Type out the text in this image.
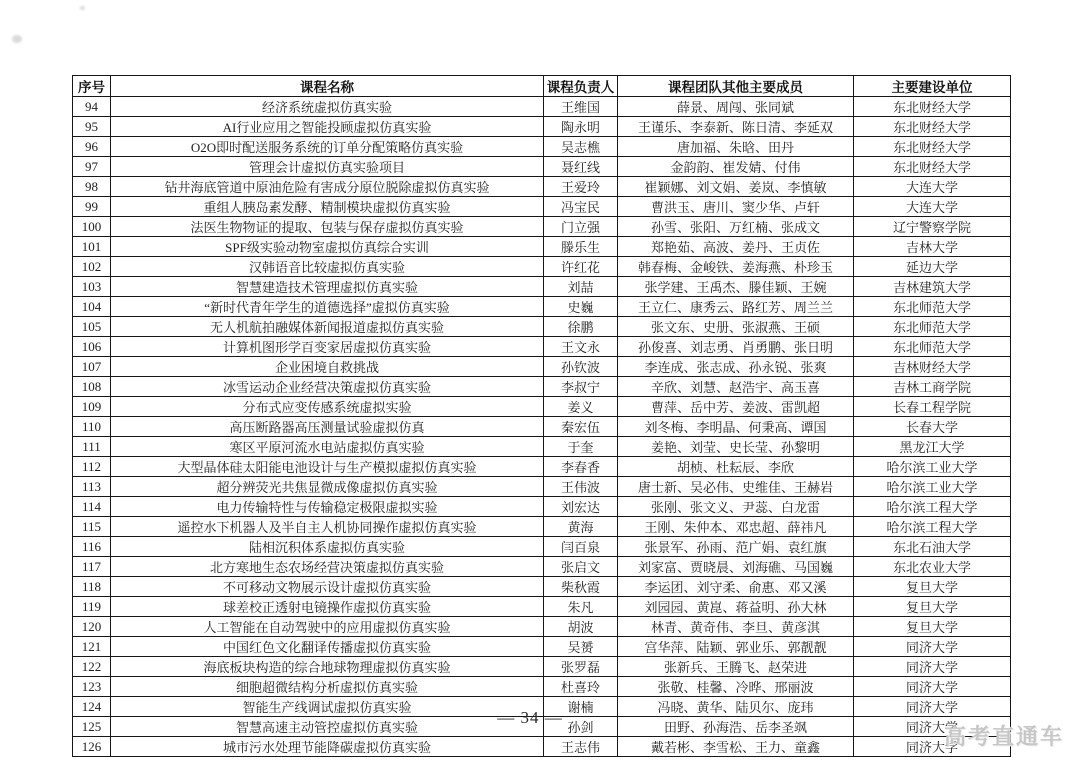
序号	课程名称	课程负责人	课程团队其他主要成员	主要建设单位
94	经济系统虚拟仿真实验	王维国	薛景、周闯、张同斌	东北财经大学
95	AI行业应用之智能投顾虚拟仿真实验	陶永明	王谨乐、李泰新、陈日清、李延双	东北财经大学
96	O2O即时配送服务系统的订单分配策略仿真实验	吴志樵	唐加福、朱晗、田丹	东北财经大学
97	管理会计虚拟仿真实验项目	聂红线	金韵韵、崔发婧、付伟	东北财经大学
98	钻井海底管道中原油危险有害成分原位脱除虚拟仿真实验	王爱玲	崔颖娜、刘文娟、姜岚、李慎敏	大连大学
99	重组人胰岛素发酵、精制模块虚拟仿真实验	冯宝民	曹洪玉、唐川、窦少华、卢轩	大连大学
100	法医生物物证的提取、包装与保存虚拟仿真实验	门立强	孙雪、张阳、万红楠、张成文	辽宁警察学院
101	SPF级实验动物室虚拟仿真综合实训	滕乐生	郑艳茹、高波、姜丹、王贞佐	吉林大学
102	汉韩语音比较虚拟仿真实验	许红花	韩春梅、金峻铁、姜海燕、朴珍玉	延边大学
103	智慧建造技术管理虚拟仿真实验	刘喆	张学建、王禹杰、滕佳颖、王婉	吉林建筑大学
104	“新时代青年学生的道德选择”虚拟仿真实验	史巍	王立仁、康秀云、路红芳、周兰兰	东北师范大学
105	无人机航拍融媒体新闻报道虚拟仿真实验	徐鹏	张文东、史册、张淑燕、王硕	东北师范大学
106	计算机图形学百变家居虚拟仿真实验	王文永	孙俊喜、刘志勇、肖勇鹏、张日明	东北师范大学
107	企业困境自救挑战	孙钦波	李连成、张志成、孙永锐、张爽	吉林财经大学
108	冰雪运动企业经营决策虚拟仿真实验	李叔宁	辛欣、刘慧、赵浩宇、高玉喜	吉林工商学院
109	分布式应变传感系统虚拟实验	姜义	曹萍、岳中芳、姜波、雷凯超	长春工程学院
110	高压断路器高压测量试验虚拟仿真	秦宏伍	刘冬梅、李明晶、何秉高、谭国	长春大学
111	寒区平原河流水电站虚拟仿真实验	于奎	姜艳、刘莹、史长莹、孙黎明	黑龙江大学
112	大型晶体硅太阳能电池设计与生产模拟虚拟仿真实验	李春香	胡桢、杜耘辰、李欣	哈尔滨工业大学
113	超分辨荧光共焦显微成像虚拟仿真实验	王伟波	唐士新、吴必伟、史维佳、王赫岩	哈尔滨工业大学
114	电力传输特性与传输稳定极限虚拟实验	刘宏达	张刚、张文义、尹蕊、白龙雷	哈尔滨工程大学
115	遥控水下机器人及半自主人机协同操作虚拟仿真实验	黄海	王刚、朱仲本、邓忠超、薛祎凡	哈尔滨工程大学
116	陆相沉积体系虚拟仿真实验	闫百泉	张景军、孙雨、范广娟、袁红旗	东北石油大学
117	北方寒地生态农场经营决策虚拟仿真实验	张启文	刘家富、贾晓晨、刘海礁、马国巍	东北农业大学
118	不可移动文物展示设计虚拟仿真实验	柴秋霞	李运团、刘守柔、俞惠、邓又溪	复旦大学
119	球差校正透射电镜操作虚拟仿真实验	朱凡	刘园园、黄崑、蒋益明、孙大林	复旦大学
120	人工智能在自动驾驶中的应用虚拟仿真实验	胡波	林青、黄奇伟、李旦、黄彦淇	复旦大学
121	中国红色文化翻译传播虚拟仿真实验	吴赟	宫华萍、陆颖、郭业乐、郭靓靓	同济大学
122	海底板块构造的综合地球物理虚拟仿真实验	张罗磊	张新兵、王腾飞、赵荣进	同济大学
123	细胞超微结构分析虚拟仿真实验	杜喜玲	张敬、桂馨、冷晔、邢丽波	同济大学
124	智能生产线调试虚拟仿真实验	谢楠	冯晓、黄华、陆贝尔、庞玮	同济大学
125	智慧高速主动管控虚拟仿真实验	孙剑	田野、孙海浩、岳李圣飒	同济大学
126	城市污水处理节能降碳虚拟仿真实验	王志伟	戴若彬、李雪松、王力、童鑫	同济大学
— 34 —
高考直通车
